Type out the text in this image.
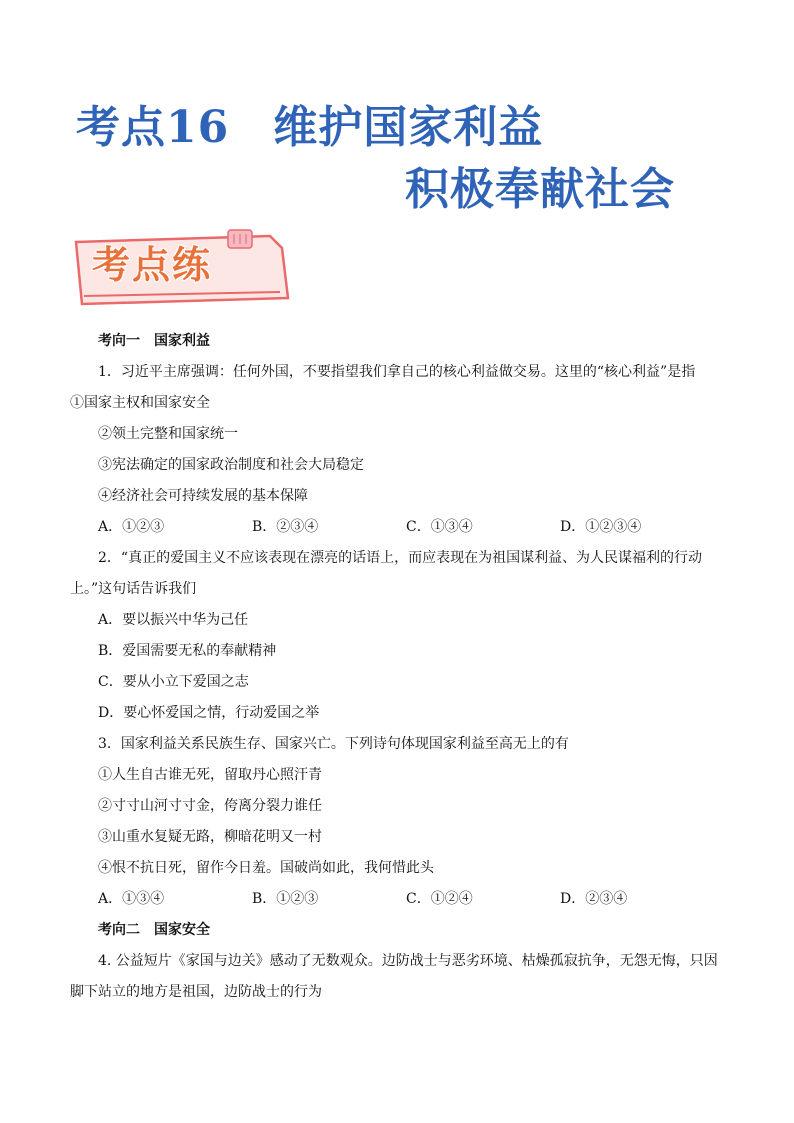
考点16 维护国家利益
积极奉献社会
考点练
考向一　国家利益
1．习近平主席强调：任何外国，不要指望我们拿自己的核心利益做交易。这里的“核心利益”是指
①国家主权和国家安全
②领土完整和国家统一
③宪法确定的国家政治制度和社会大局稳定
④经济社会可持续发展的基本保障
A．①②③	B．②③④	C．①③④	D．①②③④
2．“真正的爱国主义不应该表现在漂亮的话语上，而应表现在为祖国谋利益、为人民谋福利的行动上。”这句话告诉我们
A．要以振兴中华为己任
B．爱国需要无私的奉献精神
C．要从小立下爱国之志
D．要心怀爱国之情，行动爱国之举
3．国家利益关系民族生存、国家兴亡。下列诗句体现国家利益至高无上的有
①人生自古谁无死，留取丹心照汗青
②寸寸山河寸寸金，侉离分裂力谁任
③山重水复疑无路，柳暗花明又一村
④恨不抗日死，留作今日羞。国破尚如此，我何惜此头
A．①③④	B．①②③	C．①②④	D．②③④
考向二　国家安全
4. 公益短片《家国与边关》感动了无数观众。边防战士与恶劣环境、枯燥孤寂抗争，无怨无悔，只因脚下站立的地方是祖国，边防战士的行为
